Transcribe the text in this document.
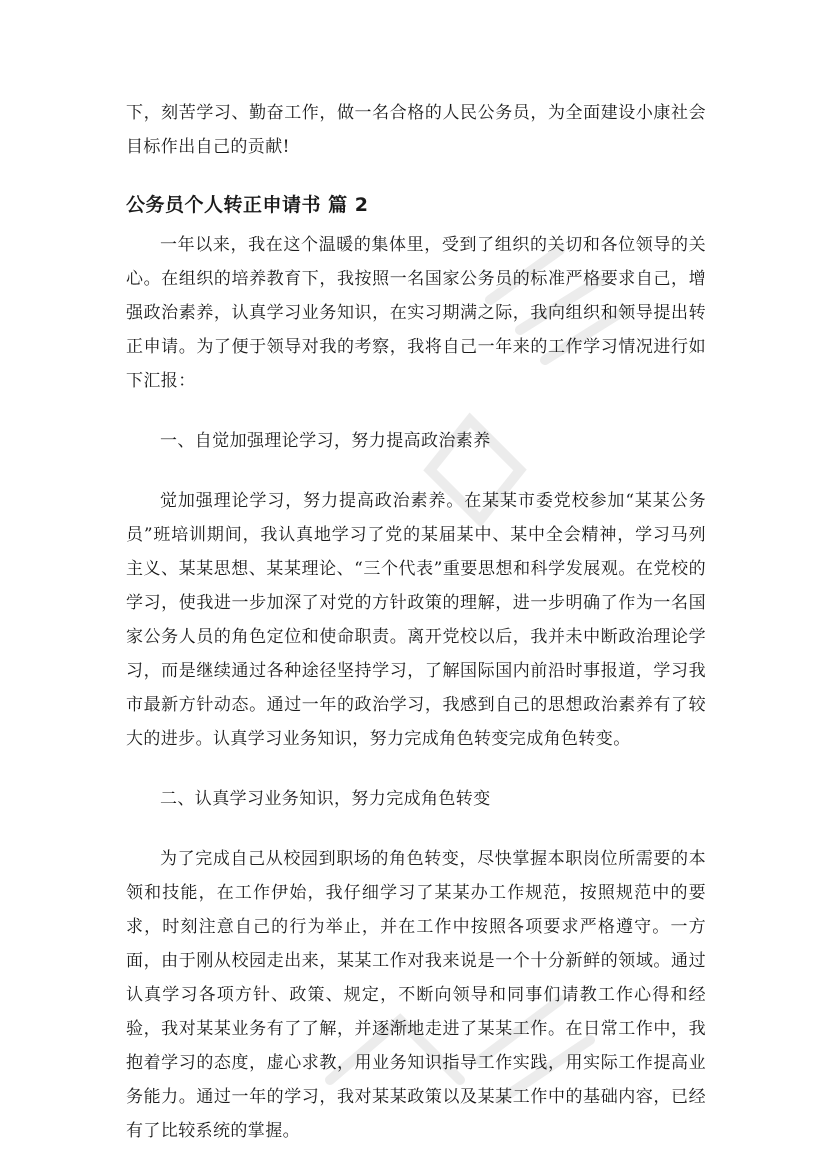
下，刻苦学习、勤奋工作，做一名合格的人民公务员，为全面建设小康社会目标作出自己的贡献!

公务员个人转正申请书 篇 2

一年以来，我在这个温暖的集体里，受到了组织的关切和各位领导的关心。在组织的培养教育下，我按照一名国家公务员的标准严格要求自己，增强政治素养，认真学习业务知识，在实习期满之际，我向组织和领导提出转正申请。为了便于领导对我的考察，我将自己一年来的工作学习情况进行如下汇报：

一、自觉加强理论学习，努力提高政治素养

觉加强理论学习，努力提高政治素养。在某某市委党校参加“某某公务员”班培训期间，我认真地学习了党的某届某中、某中全会精神，学习马列主义、某某思想、某某理论、“三个代表”重要思想和科学发展观。在党校的学习，使我进一步加深了对党的方针政策的理解，进一步明确了作为一名国家公务人员的角色定位和使命职责。离开党校以后，我并未中断政治理论学习，而是继续通过各种途径坚持学习，了解国际国内前沿时事报道，学习我市最新方针动态。通过一年的政治学习，我感到自己的思想政治素养有了较大的进步。认真学习业务知识，努力完成角色转变完成角色转变。

二、认真学习业务知识，努力完成角色转变

为了完成自己从校园到职场的角色转变，尽快掌握本职岗位所需要的本领和技能，在工作伊始，我仔细学习了某某办工作规范，按照规范中的要求，时刻注意自己的行为举止，并在工作中按照各项要求严格遵守。一方面，由于刚从校园走出来，某某工作对我来说是一个十分新鲜的领域。通过认真学习各项方针、政策、规定，不断向领导和同事们请教工作心得和经验，我对某某业务有了了解，并逐渐地走进了某某工作。在日常工作中，我抱着学习的态度，虚心求教，用业务知识指导工作实践，用实际工作提高业务能力。通过一年的学习，我对某某政策以及某某工作中的基础内容，已经有了比较系统的掌握。
